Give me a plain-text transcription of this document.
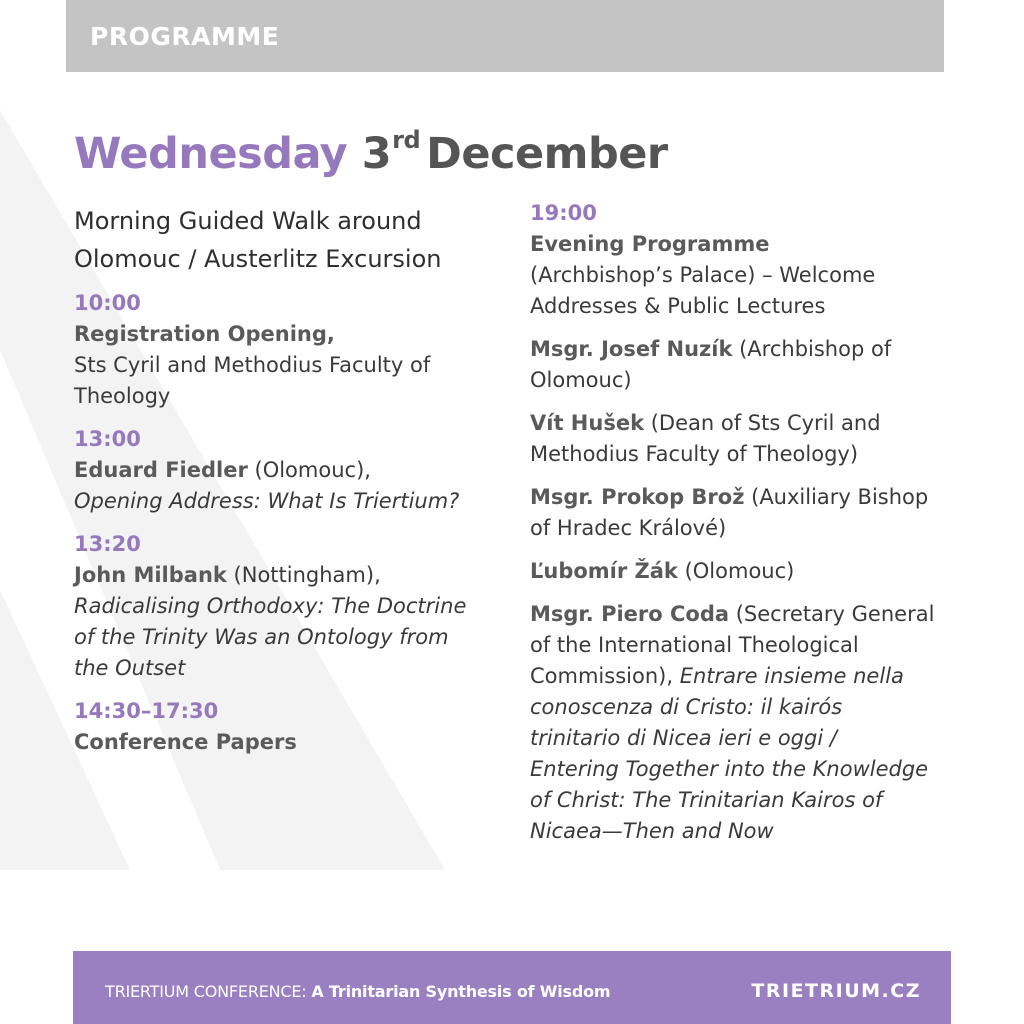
PROGRAMME
Wednesday 3rd December
Morning Guided Walk around
Olomouc / Austerlitz Excursion
10:00
Registration Opening,
Sts Cyril and Methodius Faculty of
Theology
13:00
Eduard Fiedler (Olomouc),
Opening Address: What Is Triertium?
13:20
John Milbank (Nottingham),
Radicalising Orthodoxy: The Doctrine
of the Trinity Was an Ontology from
the Outset
14:30–17:30
Conference Papers
19:00
Evening Programme
(Archbishop’s Palace) – Welcome
Addresses & Public Lectures
Msgr. Josef Nuzík (Archbishop of
Olomouc)
Vít Hušek (Dean of Sts Cyril and
Methodius Faculty of Theology)
Msgr. Prokop Brož (Auxiliary Bishop
of Hradec Králové)
Ľubomír Žák (Olomouc)
Msgr. Piero Coda (Secretary General
of the International Theological
Commission), Entrare insieme nella
conoscenza di Cristo: il kairós
trinitario di Nicea ieri e oggi /
Entering Together into the Knowledge
of Christ: The Trinitarian Kairos of
Nicaea—Then and Now
TRIERTIUM CONFERENCE: A Trinitarian Synthesis of Wisdom	TRIETRIUM.CZ
